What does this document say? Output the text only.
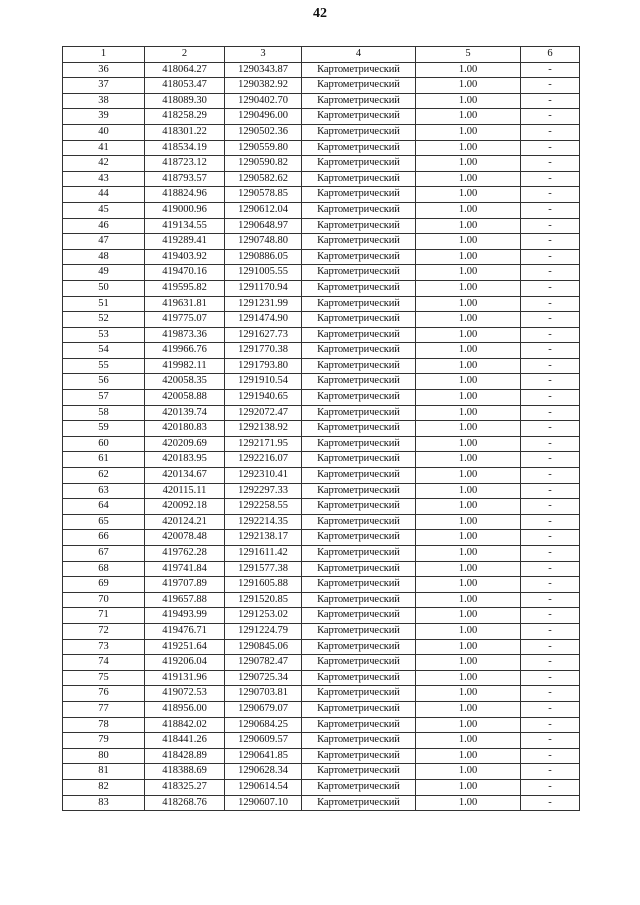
42
1	2	3	4	5	6
36	418064.27	1290343.87	Картометрический	1.00	-
37	418053.47	1290382.92	Картометрический	1.00	-
38	418089.30	1290402.70	Картометрический	1.00	-
39	418258.29	1290496.00	Картометрический	1.00	-
40	418301.22	1290502.36	Картометрический	1.00	-
41	418534.19	1290559.80	Картометрический	1.00	-
42	418723.12	1290590.82	Картометрический	1.00	-
43	418793.57	1290582.62	Картометрический	1.00	-
44	418824.96	1290578.85	Картометрический	1.00	-
45	419000.96	1290612.04	Картометрический	1.00	-
46	419134.55	1290648.97	Картометрический	1.00	-
47	419289.41	1290748.80	Картометрический	1.00	-
48	419403.92	1290886.05	Картометрический	1.00	-
49	419470.16	1291005.55	Картометрический	1.00	-
50	419595.82	1291170.94	Картометрический	1.00	-
51	419631.81	1291231.99	Картометрический	1.00	-
52	419775.07	1291474.90	Картометрический	1.00	-
53	419873.36	1291627.73	Картометрический	1.00	-
54	419966.76	1291770.38	Картометрический	1.00	-
55	419982.11	1291793.80	Картометрический	1.00	-
56	420058.35	1291910.54	Картометрический	1.00	-
57	420058.88	1291940.65	Картометрический	1.00	-
58	420139.74	1292072.47	Картометрический	1.00	-
59	420180.83	1292138.92	Картометрический	1.00	-
60	420209.69	1292171.95	Картометрический	1.00	-
61	420183.95	1292216.07	Картометрический	1.00	-
62	420134.67	1292310.41	Картометрический	1.00	-
63	420115.11	1292297.33	Картометрический	1.00	-
64	420092.18	1292258.55	Картометрический	1.00	-
65	420124.21	1292214.35	Картометрический	1.00	-
66	420078.48	1292138.17	Картометрический	1.00	-
67	419762.28	1291611.42	Картометрический	1.00	-
68	419741.84	1291577.38	Картометрический	1.00	-
69	419707.89	1291605.88	Картометрический	1.00	-
70	419657.88	1291520.85	Картометрический	1.00	-
71	419493.99	1291253.02	Картометрический	1.00	-
72	419476.71	1291224.79	Картометрический	1.00	-
73	419251.64	1290845.06	Картометрический	1.00	-
74	419206.04	1290782.47	Картометрический	1.00	-
75	419131.96	1290725.34	Картометрический	1.00	-
76	419072.53	1290703.81	Картометрический	1.00	-
77	418956.00	1290679.07	Картометрический	1.00	-
78	418842.02	1290684.25	Картометрический	1.00	-
79	418441.26	1290609.57	Картометрический	1.00	-
80	418428.89	1290641.85	Картометрический	1.00	-
81	418388.69	1290628.34	Картометрический	1.00	-
82	418325.27	1290614.54	Картометрический	1.00	-
83	418268.76	1290607.10	Картометрический	1.00	-
